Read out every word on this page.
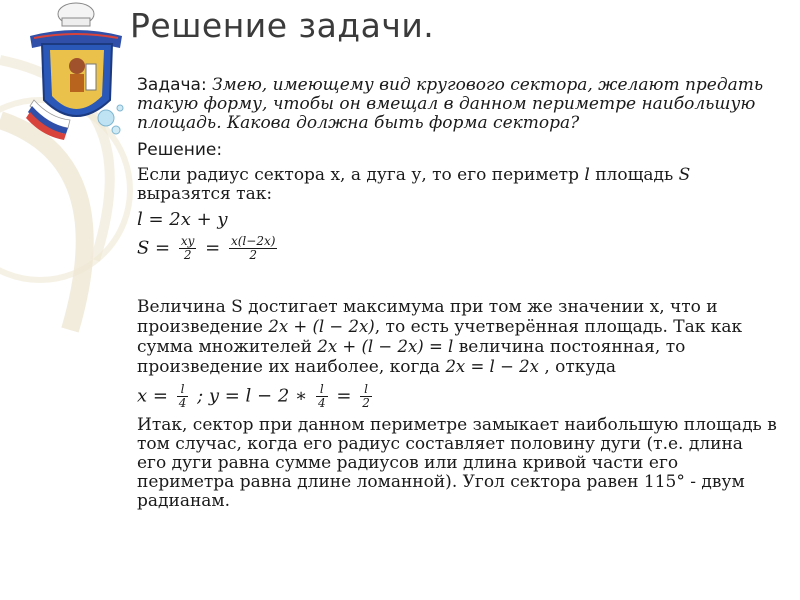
Решение задачи.
Задача: Змею, имеющему вид кругового сектора, желают предать такую форму, чтобы он вмещал в данном периметре наибольшую площадь. Какова должна быть форма сектора?
Решение:
Если радиус сектора х, а дуга у, то его периметр l площадь S выразятся так:
l = 2x + y
$S = \frac{xy}{2} = \frac{x(l-2x)}{2}$
Величина S достигает максимума при том же значении х, что и произведение 2x + (l − 2x), то есть учетверённая площадь. Так как сумма множителей 2x + (l − 2x) = l величина постоянная, то произведение их наиболее, когда 2x = l − 2x , откуда
$x = \frac{l}{4}$ ; y = l − 2 ∗ $\frac{l}{4} = \frac{l}{2}$
Итак, сектор при данном периметре замыкает наибольшую площадь в том случас, когда его радиус составляет половину дуги (т.е. длина его дуги равна сумме радиусов или длина кривой части его периметра равна длине ломанной). Угол сектора равен 115° - двум радианам.
